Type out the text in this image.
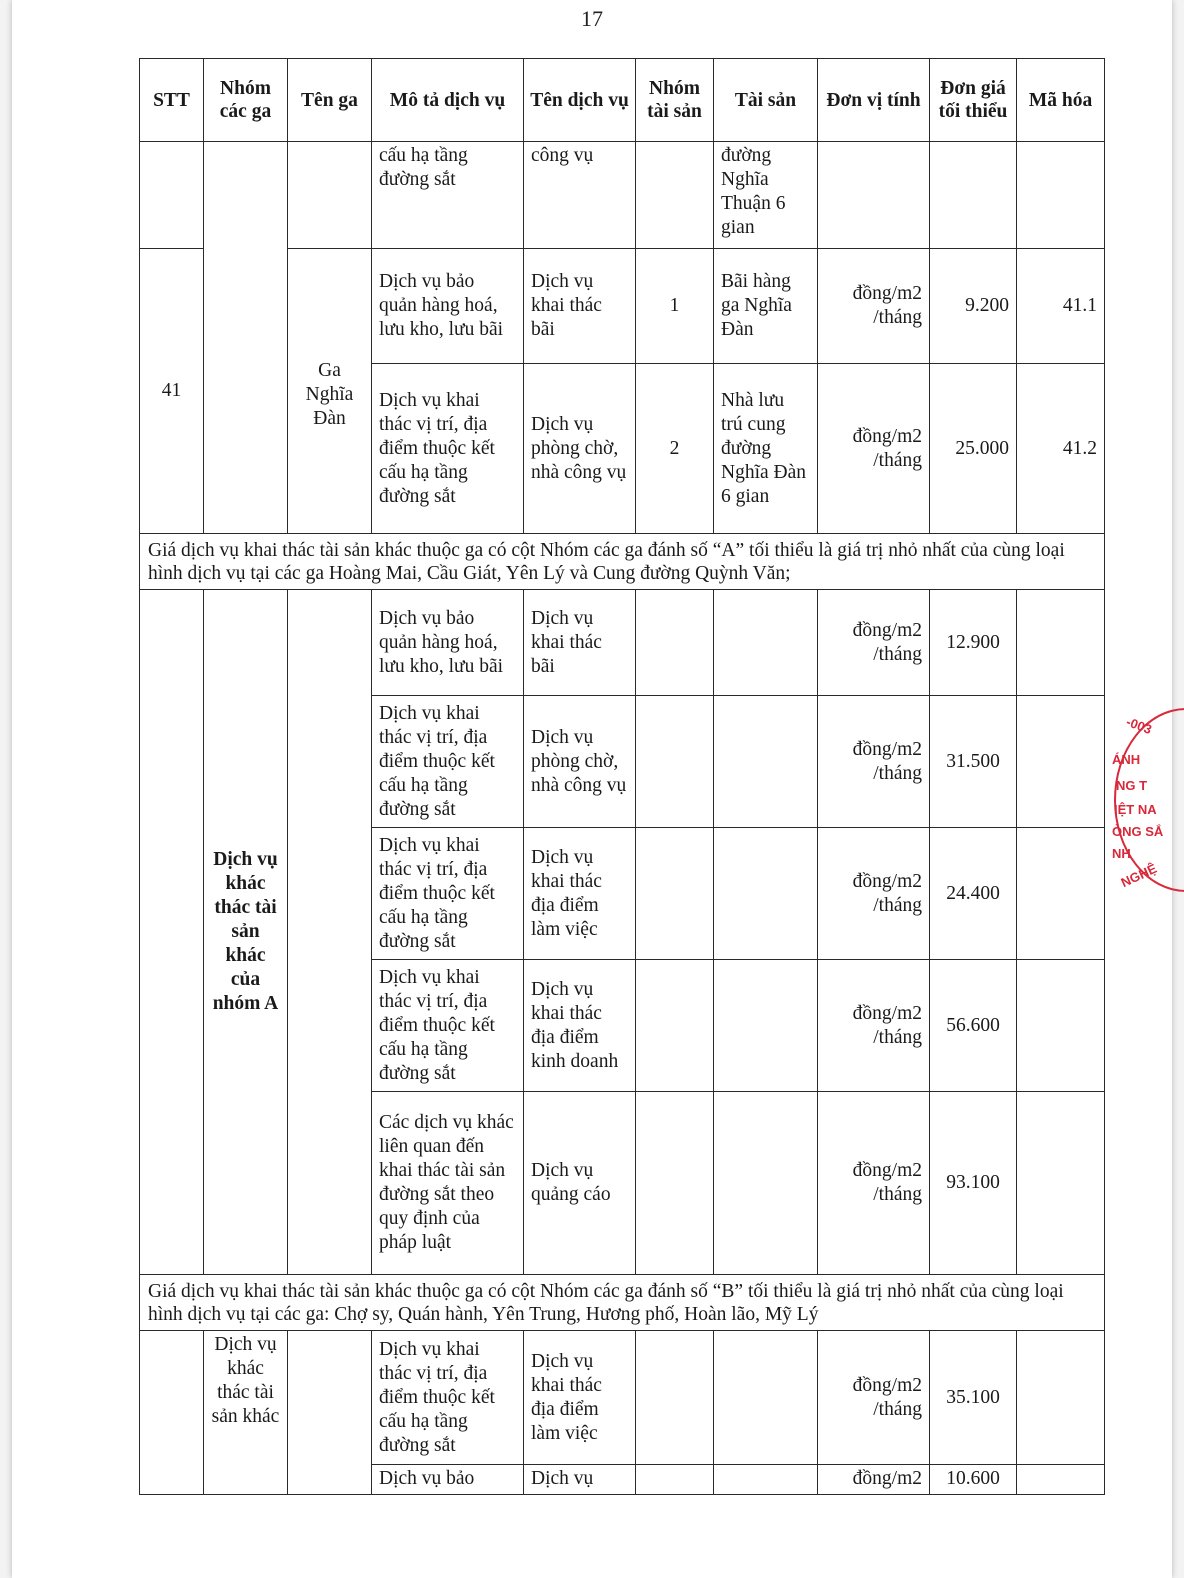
17
STT	Nhóm các ga	Tên ga	Mô tả dịch vụ	Tên dịch vụ	Nhóm tài sản	Tài sản	Đơn vị tính	Đơn giá tối thiểu	Mã hóa
			cấu hạ tầng đường sắt	công vụ		đường Nghĩa Thuận 6 gian			
41		Ga Nghĩa Đàn	Dịch vụ bảo quản hàng hoá, lưu kho, lưu bãi	Dịch vụ khai thác bãi	1	Bãi hàng ga Nghĩa Đàn	đồng/m2 /tháng	9.200	41.1
			Dịch vụ khai thác vị trí, địa điểm thuộc kết cấu hạ tầng đường sắt	Dịch vụ phòng chờ, nhà công vụ	2	Nhà lưu trú cung đường Nghĩa Đàn 6 gian	đồng/m2 /tháng	25.000	41.2
Giá dịch vụ khai thác tài sản khác thuộc ga có cột Nhóm các ga đánh số “A” tối thiểu là giá trị nhỏ nhất của cùng loại hình dịch vụ tại các ga Hoàng Mai, Cầu Giát, Yên Lý và Cung đường Quỳnh Văn;									
	Dịch vụ khác thác tài sản khác của nhóm A		Dịch vụ bảo quản hàng hoá, lưu kho, lưu bãi	Dịch vụ khai thác bãi			đồng/m2 /tháng	12.900	
			Dịch vụ khai thác vị trí, địa điểm thuộc kết cấu hạ tầng đường sắt	Dịch vụ phòng chờ, nhà công vụ			đồng/m2 /tháng	31.500	
			Dịch vụ khai thác vị trí, địa điểm thuộc kết cấu hạ tầng đường sắt	Dịch vụ khai thác địa điểm làm việc			đồng/m2 /tháng	24.400	
			Dịch vụ khai thác vị trí, địa điểm thuộc kết cấu hạ tầng đường sắt	Dịch vụ khai thác địa điểm kinh doanh			đồng/m2 /tháng	56.600	
			Các dịch vụ khác liên quan đến khai thác tài sản đường sắt theo quy định của pháp luật	Dịch vụ quảng cáo			đồng/m2 /tháng	93.100	
Giá dịch vụ khai thác tài sản khác thuộc ga có cột Nhóm các ga đánh số “B” tối thiểu là giá trị nhỏ nhất của cùng loại hình dịch vụ tại các ga: Chợ sy, Quán hành, Yên Trung, Hương phố, Hoàn lão, Mỹ Lý									
	Dịch vụ khác thác tài sản khác		Dịch vụ khai thác vị trí, địa điểm thuộc kết cấu hạ tầng đường sắt	Dịch vụ khai thác địa điểm làm việc			đồng/m2 /tháng	35.100	
			Dịch vụ bảo	Dịch vụ			đồng/m2	10.600	
-003
ÁNH
NG T
IỆT NA
ÒNG SẮ
NH
NGHỆ
